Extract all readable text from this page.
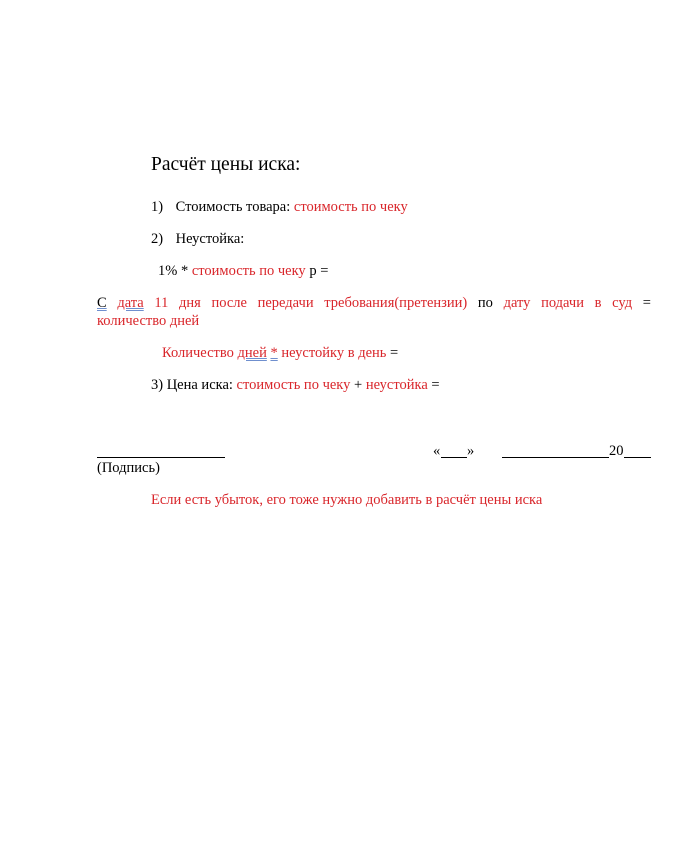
Расчёт цены иска:
1) Стоимость товара: стоимость по чеку
2) Неустойка:
1% * стоимость по чеку р =
С дата 11 дня после передачи требования(претензии) по дату подачи в суд =
количество дней
Количество дней * неустойку в день =
3) Цена иска: стоимость по чеку + неустойка =
« »	20
(Подпись)
Если есть убыток, его тоже нужно добавить в расчёт цены иска
